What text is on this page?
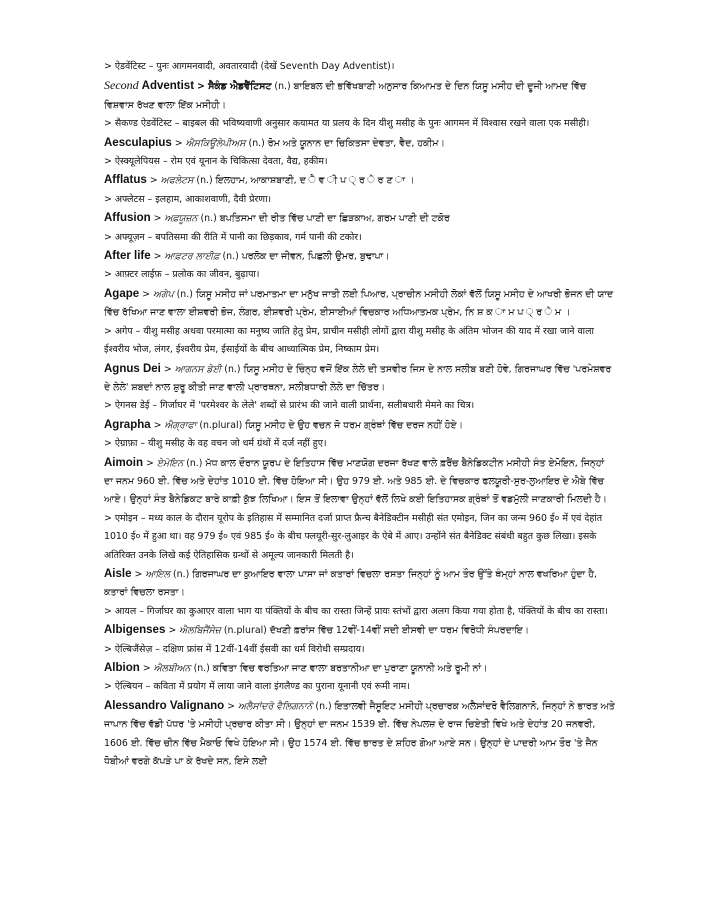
> ऐडवेंटिस्ट – पुनः आगमनवादी, अवतारवादी (देखें Seventh Day Adventist)।
Second Adventist > ਸੈਕੰਡ ਐਡਵੈਂਟਿਸਟ (n.) ਬਾਇਬਲ ਦੀ ਭਵਿੱਖਬਾਣੀ ਅਨੁਸਾਰ ਕਿਆਮਤ ਦੇ ਦਿਨ ਯਿਸੂ ਮਸੀਹ ਦੀ ਦੂਜੀ ਆਮਦ ਵਿੱਚ ਵਿਸ਼ਵਾਸ ਰੱਖਣ ਵਾਲਾ ਇੱਕ ਮਸੀਹੀ।
> सैकण्ड ऐडवेंटिस्ट – बाइबल की भविष्यवाणी अनुसार कयामत या प्रलय के दिन यीशु मसीह के पुनः आगमन में विश्वास रखने वाला एक मसीही।
Aesculapius > ਐਸਕਿਊਲੇਪੀਅਸ (n.) ਰੋਮ ਅਤੇ ਯੂਨਾਨ ਦਾ ਚਿਕਿਤਸਾ ਦੇਵਤਾ, ਵੈਦ, ਹਕੀਮ।
> ऐस्क्यूलेपियस – रोम एवं यूनान के चिकित्सा देवता, वैद्य, हकीम।
Afflatus > ਅਫਲੇਟਸ (n.) ਇਲਹਾਮ, ਆਕਾਸ਼ਬਾਣੀ, ਦ ੈ ਵ ੀ ਪ ੍ ਰ ੇ ਰ ਣ ਾ ।
> अफ्लेटस – इलहाम, आकाशवाणी, दैवी प्रेरणा।
Affusion > ਅਫ਼ਯੂਜ਼ਨ (n.) ਬਪਤਿਸਮਾ ਦੀ ਰੀਤ ਵਿੱਚ ਪਾਣੀ ਦਾ ਛਿੜਕਾਅ, ਗਰਮ ਪਾਣੀ ਦੀ ਟਕੋਰ
> अफ्यूज़न – बपतिसमा की रीति में पानी का छिड़काव, गर्म पानी की टकोर।
After life > ਆਫ਼ਟਰ ਲਾਈਫ਼ (n.) ਪਰਲੋਕ ਦਾ ਜੀਵਨ, ਪਿਛਲੀ ਉਮਰ, ਬੁਢਾਪਾ।
> आफ़्टर लाईफ़ – प्रलोक का जीवन, बुढ़ापा।
Agape > ਅਗੇਪ (n.) ਯਿਸੂ ਮਸੀਹ ਜਾਂ ਪਰਮਾਤਮਾ ਦਾ ਮਨੁੱਖ ਜਾਤੀ ਲਈ ਪਿਆਰ, ਪ੍ਰਾਚੀਨ ਮਸੀਹੀ ਲੋਕਾਂ ਵੱਲੋਂ ਯਿਸੂ ਮਸੀਹ ਦੇ ਆਖਰੀ ਭੋਜਨ ਦੀ ਯਾਦ ਵਿੱਚ ਰੱਖਿਆ ਜਾਣ ਵਾਲਾ ਈਸ਼ਵਰੀ ਭੋਜ, ਲੰਗਰ, ਈਸ਼ਵਰੀ ਪ੍ਰੇਮ, ਈਸਾਈਆਂ ਵਿਚਕਾਰ ਅਧਿਆਤਮਕ ਪ੍ਰੇਮ, ਨਿ ਸ਼ ਕ ਾ ਮ ਪ ੍ ਰ ੇ ਮ ।
> अगेप – यीशु मसीह अथवा परमात्मा का मनुष्य जाति हेतु प्रेम, प्राचीन मसीही लोगों द्वारा यीशु मसीह के अंतिम भोजन की याद में रखा जाने वाला ईश्वरीय भोज, लंगर, ईश्वरीय प्रेम, ईसाईयों के बीच आध्यात्मिक प्रेम, निष्काम प्रेम।
Agnus Dei > ਆਗਨਸ ਡੇਈ (n.) ਯਿਸੂ ਮਸੀਹ ਦੇ ਚਿੰਨ੍ਹ ਵਜੋਂ ਇੱਕ ਲੇਲੇ ਦੀ ਤਸਵੀਰ ਜਿਸ ਦੇ ਨਾਲ ਸਲੀਬ ਬਣੀ ਹੋਵੇ, ਗਿਰਜਾਘਰ ਵਿੱਚ 'ਪਰਮੇਸ਼ਵਰ ਦੇ ਲੇਲੇ' ਸ਼ਬਦਾਂ ਨਾਲ ਸ਼ੁਰੂ ਕੀਤੀ ਜਾਣ ਵਾਲੀ ਪ੍ਰਾਰਥਨਾ, ਸਲੀਬਧਾਰੀ ਲੇਲੇ ਦਾ ਚਿੱਤਰ।
> ऐगनस डेई – गिर्जाघर में 'परमेश्वर के लेले' शब्दों से प्रारंभ की जाने वाली प्रार्थना, सलीबधारी मेमने का चित्र।
Agrapha > ਐਗ੍ਰਾਫਾ (n.plural) ਯਿਸੂ ਮਸੀਹ ਦੇ ਉਹ ਵਚਨ ਜੋ ਧਰਮ ਗ੍ਰੰਥਾਂ ਵਿੱਚ ਦਰਜ ਨਹੀਂ ਹੋਏ।
> ऐग्राफ़ा – यीशु मसीह के वह वचन जो धर्म ग्रंथों में दर्ज नहीं हुए।
Aimoin > ਏਮੋਇਨ (n.) ਮੱਧ ਕਾਲ ਦੌਰਾਨ ਯੂਰਪ ਦੇ ਇਤਿਹਾਸ ਵਿੱਚ ਮਾਣਯੋਗ ਦਰਜਾ ਰੱਖਣ ਵਾਲੇ ਫ਼ਰੈਂਚ ਬੈਨੇਡਿਕਟੀਨ ਮਸੀਹੀ ਸੰਤ ਏਮੋਇਨ, ਜਿਨ੍ਹਾਂ ਦਾ ਜਨਮ 960 ਈ. ਵਿੱਚ ਅਤੇ ਦੇਹਾਂਤ 1010 ਈ. ਵਿੱਚ ਹੋਇਆ ਸੀ। ਉਹ 979 ਈ. ਅਤੇ 985 ਈ. ਦੇ ਵਿਚਕਾਰ ਫਲਯੂਰੀ-ਸੁਰ-ਲੁਆਇਰ ਦੇ ਐਬੇ ਵਿੱਚ ਆਏ। ਉਨ੍ਹਾਂ ਸੰਤ ਬੈਨੇਡਿਕਟ ਬਾਰੇ ਕਾਫ਼ੀ ਕੁੱਝ ਲਿਖਿਆ। ਇਸ ਤੋਂ ਇਲਾਵਾ ਉਨ੍ਹਾਂ ਵੱਲੋਂ ਲਿਖੇ ਕਈ ਇਤਿਹਾਸਕ ਗ੍ਰੰਥਾਂ ਤੋਂ ਵਡਮੁੱਲੀ ਜਾਣਕਾਰੀ ਮਿਲਦੀ ਹੈ।
> एमोइन – मध्य काल के दौरान यूरोप के इतिहास में सम्मानित दर्जा प्राप्त फ्रैन्च बैनेडिक्टीन मसीही संत एमोइन, जिन का जन्म 960 ई० में एवं देहांत 1010 ई० में हुआ था। वह 979 ई० एवं 985 ई० के बीच फ्लयूरी-सुर-लुआइर के ऐबे में आए। उन्होंने संत बैनेडिक्ट संबंधी बहुत कुछ लिखा। इसके अतिरिक्त उनके लिखे कई ऐतिहासिक ग्रन्थों से अमूल्य जानकारी मिलती है।
Aisle > ਆਇਲ (n.) ਗਿਰਜਾਘਰ ਦਾ ਕੁਆਇਰ ਵਾਲਾ ਪਾਸਾ ਜਾਂ ਕਤਾਰਾਂ ਵਿਚਲਾ ਰਸਤਾ ਜਿਨ੍ਹਾਂ ਨੂੰ ਆਮ ਤੌਰ ਉੱਤੇ ਥੰਮ੍ਹਾਂ ਨਾਲ ਵਖਰਿਆ ਹੁੰਦਾ ਹੈ, ਕਤਾਰਾਂ ਵਿਚਲਾ ਰਸਤਾ।
> आयल – गिर्जाघर का कुआएर वाला भाग या पंक्तियों के बीच का रास्ता जिन्हें प्रायः स्तंभों द्वारा अलग किया गया होता है, पंक्तियों के बीच का रास्ता।
Albigenses > ਐਲਬਿਜੈਂਸੇਜ਼ (n.plural) ਦੱਖਣੀ ਫ਼ਰਾਂਸ ਵਿੱਚ 12ਵੀਂ-14ਵੀਂ ਸਦੀ ਈਸਵੀ ਦਾ ਧਰਮ ਵਿਰੋਧੀ ਸੰਪਰਦਾਇ।
> ऐल्बिजैंसेज़ – दक्षिण फ्रांस में 12वीं-14वीं ईसवी का धर्म विरोधी सम्प्रदाय।
Albion > ਐਲਬੀਅਨ (n.) ਕਵਿਤਾ ਵਿਚ ਵਰਤਿਆ ਜਾਣ ਵਾਲਾ ਬਰਤਾਨੀਆ ਦਾ ਪੁਰਾਣਾ ਯੂਨਾਨੀ ਅਤੇ ਰੂਮੀ ਨਾਂ।
> ऐल्बियन – कविता में प्रयोग में लाया जाने वाला इंगलैण्ड का पुराना यूनानी एवं रूमी नाम।
Alessandro Valignano > ਅਲੈਸਾਂਦਰੋ ਵੈਲਿਗਨਾਨੋ (n.) ਇਤਾਲਵੀ ਜੈਸੂਇਟ ਮਸੀਹੀ ਪ੍ਰਚਾਰਕ ਅਲੈਸਾਂਦਰੋ ਵੈਲਿਗਨਾਨੋ, ਜਿਨ੍ਹਾਂ ਨੇ ਭਾਰਤ ਅਤੇ ਜਾਪਾਨ ਵਿੱਚ ਵੱਡੀ ਪੱਧਰ 'ਤੇ ਮਸੀਹੀ ਪ੍ਰਚਾਰ ਕੀਤਾ ਸੀ। ਉਨ੍ਹਾਂ ਦਾ ਜਨਮ 1539 ਈ. ਵਿੱਚ ਨੇਪਲਜ਼ ਦੇ ਰਾਜ ਚਿਏਤੀ ਵਿਖੇ ਅਤੇ ਦੇਹਾਂਤ 20 ਜਨਵਰੀ, 1606 ਈ. ਵਿੱਚ ਚੀਨ ਵਿੱਚ ਮੈਕਾਓ ਵਿਖੇ ਹੋਇਆ ਸੀ। ਉਹ 1574 ਈ. ਵਿੱਚ ਭਾਰਤ ਦੇ ਸ਼ਹਿਰ ਗੋਆ ਆਏ ਸਨ। ਉਨ੍ਹਾਂ ਦੇ ਪਾਦਰੀ ਆਮ ਤੌਰ 'ਤੇ ਜੈਨ ਧੋਬੀਆਂ ਵਰਗੇ ਕੱਪੜੇ ਪਾ ਕੇ ਰੱਖਦੇ ਸਨ, ਇਸੇ ਲਈ
